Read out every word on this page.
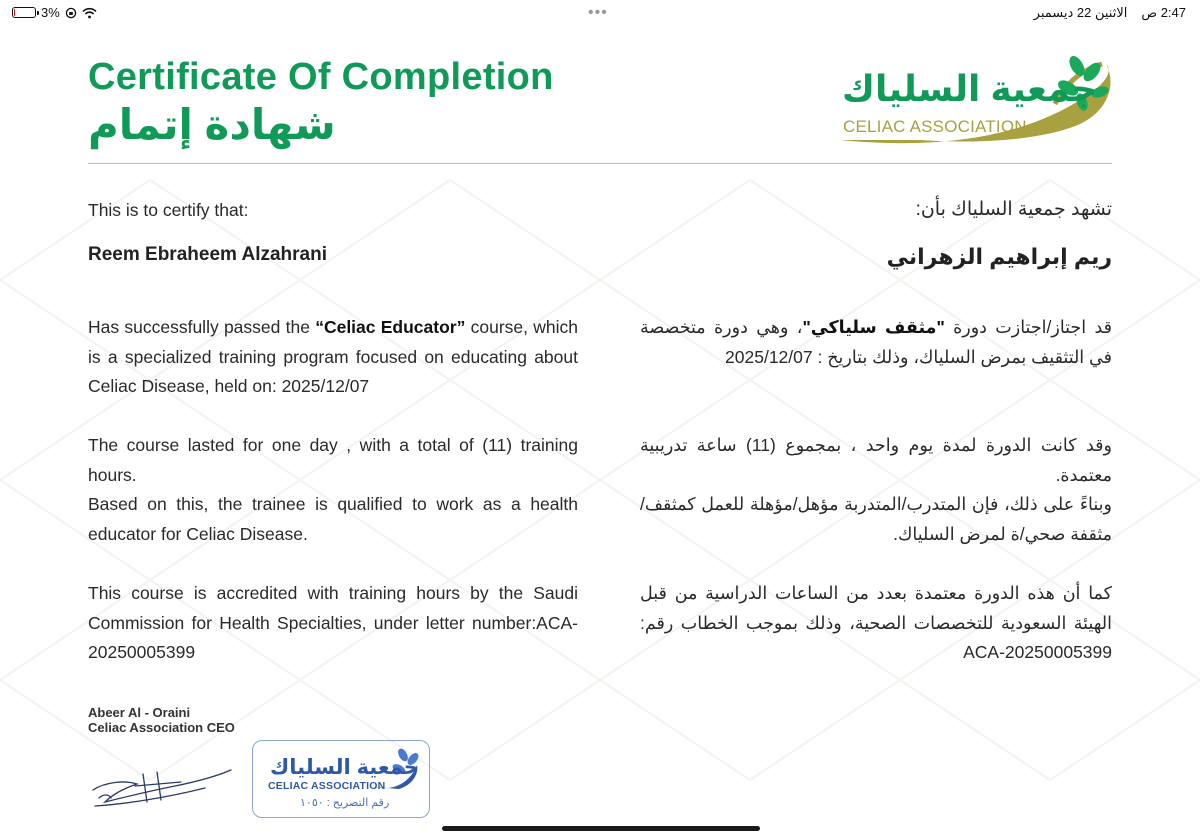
3%	•••	2:47 ص
الاثنين 22 ديسمبر
Certificate Of Completion
شهادة إتمام
جمعية السلياك
CELIAC ASSOCIATION
This is to certify that:	تشهد جمعية السلياك بأن:
Reem Ebraheem Alzahrani	ريم إبراهيم الزهراني
Has successfully passed the “Celiac Educator” course, which is a specialized training program focused on educating about Celiac Disease, held on: 2025/12/07
The course lasted for one day , with a total of (11) training hours.
Based on this, the trainee is qualified to work as a health educator for Celiac Disease.
This course is accredited with training hours by the Saudi Commission for Health Specialties, under letter number:ACA-20250005399
قد اجتاز/اجتازت دورة "مثقف سلياكي"، وهي دورة متخصصة في التثقيف بمرض السلياك، وذلك بتاريخ : 2025/12/07
وقد كانت الدورة لمدة يوم واحد ، بمجموع (11) ساعة تدريبية معتمدة.
وبناءً على ذلك، فإن المتدرب/المتدربة مؤهل/مؤهلة للعمل كمثقف/مثقفة صحي/ة لمرض السلياك.
كما أن هذه الدورة معتمدة بعدد من الساعات الدراسية من قبل الهيئة السعودية للتخصصات الصحية، وذلك بموجب الخطاب رقم: ACA-20250005399
Abeer Al - Oraini
Celiac Association CEO
جمعية السلياك
CELIAC ASSOCIATION
رقم التصريح : ١٠٥٠
